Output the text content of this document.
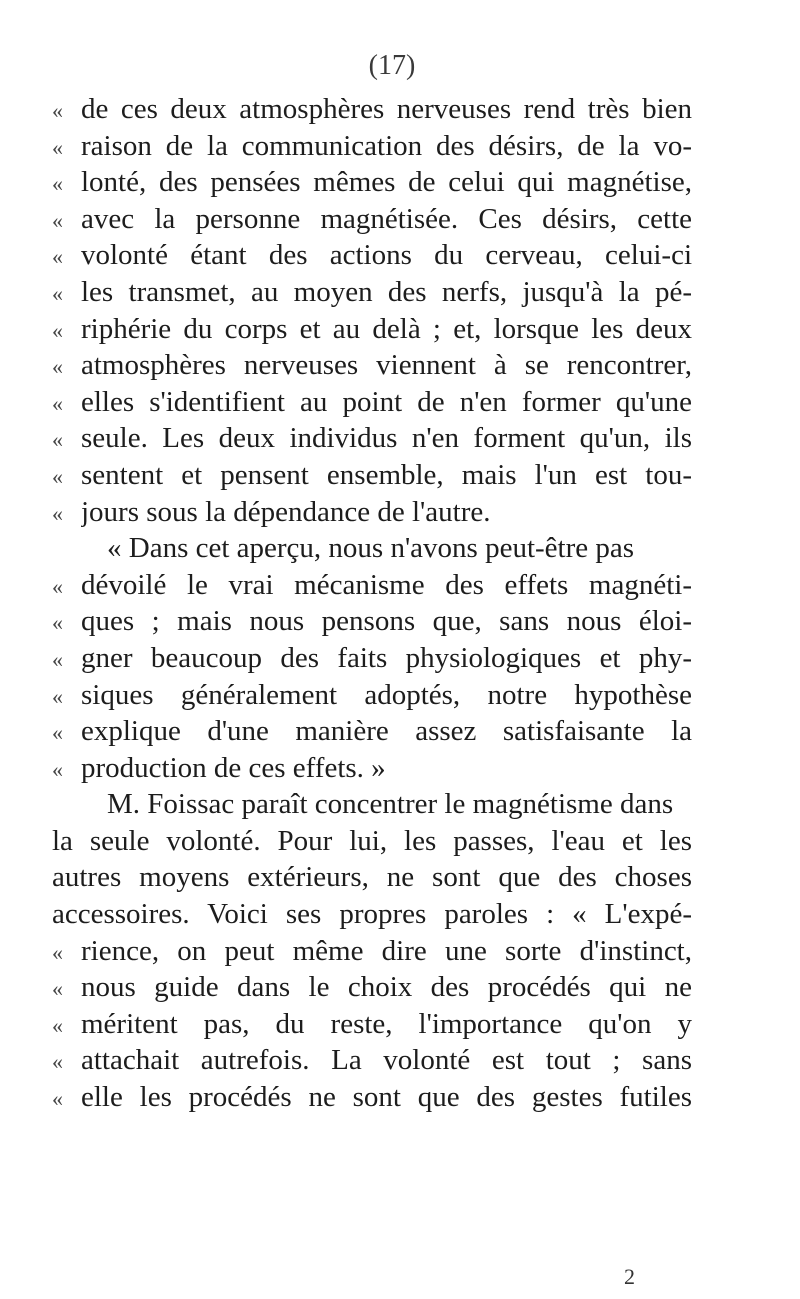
(17)
« de ces deux atmosphères nerveuses rend très bien
« raison de la communication des désirs, de la vo-
« lonté, des pensées mêmes de celui qui magnétise,
« avec la personne magnétisée. Ces désirs, cette
« volonté étant des actions du cerveau, celui-ci
« les transmet, au moyen des nerfs, jusqu'à la pé-
« riphérie du corps et au delà ; et, lorsque les deux
« atmosphères nerveuses viennent à se rencontrer,
« elles s'identifient au point de n'en former qu'une
« seule. Les deux individus n'en forment qu'un, ils
« sentent et pensent ensemble, mais l'un est tou-
« jours sous la dépendance de l'autre.
« Dans cet aperçu, nous n'avons peut-être pas
« dévoilé le vrai mécanisme des effets magnéti-
« ques ; mais nous pensons que, sans nous éloi-
« gner beaucoup des faits physiologiques et phy-
« siques généralement adoptés, notre hypothèse
« explique d'une manière assez satisfaisante la
« production de ces effets. »
M. Foissac paraît concentrer le magnétisme dans
la seule volonté. Pour lui, les passes, l'eau et les
autres moyens extérieurs, ne sont que des choses
accessoires. Voici ses propres paroles : « L'expé-
« rience, on peut même dire une sorte d'instinct,
« nous guide dans le choix des procédés qui ne
« méritent pas, du reste, l'importance qu'on y
« attachait autrefois. La volonté est tout ; sans
« elle les procédés ne sont que des gestes futiles
2
